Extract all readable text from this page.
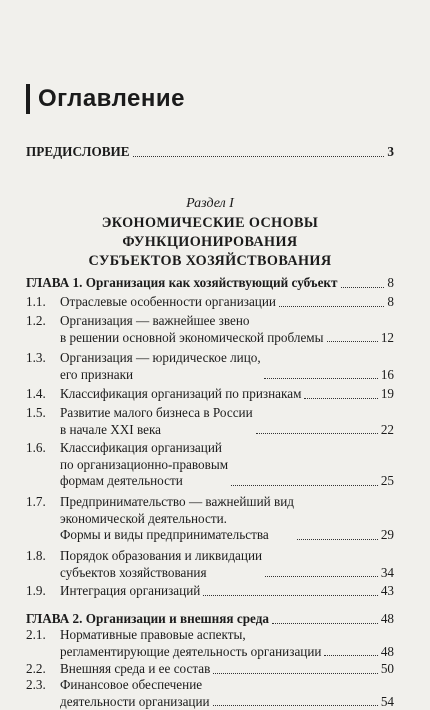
Оглавление
ПРЕДИСЛОВИЕ	3
Раздел I
ЭКОНОМИЧЕСКИЕ ОСНОВЫ
ФУНКЦИОНИРОВАНИЯ
СУБЪЕКТОВ ХОЗЯЙСТВОВАНИЯ
ГЛАВА 1. Организация как хозяйствующий субъект	8
1.1.	Отраслевые особенности организации	8
1.2.	Организация — важнейшее звено
в решении основной экономической проблемы	12
1.3.	Организация — юридическое лицо,
его признаки	16
1.4.	Классификация организаций по признакам	19
1.5.	Развитие малого бизнеса в России
в начале XXI века	22
1.6.	Классификация организаций
по организационно-правовым
формам деятельности	25
1.7.	Предпринимательство — важнейший вид
экономической деятельности.
Формы и виды предпринимательства	29
1.8.	Порядок образования и ликвидации
субъектов хозяйствования	34
1.9.	Интеграция организаций	43
ГЛАВА 2. Организации и внешняя среда	48
2.1.	Нормативные правовые аспекты,
регламентирующие деятельность организации	48
2.2.	Внешняя среда и ее состав	50
2.3.	Финансовое обеспечение
деятельности организации	54
